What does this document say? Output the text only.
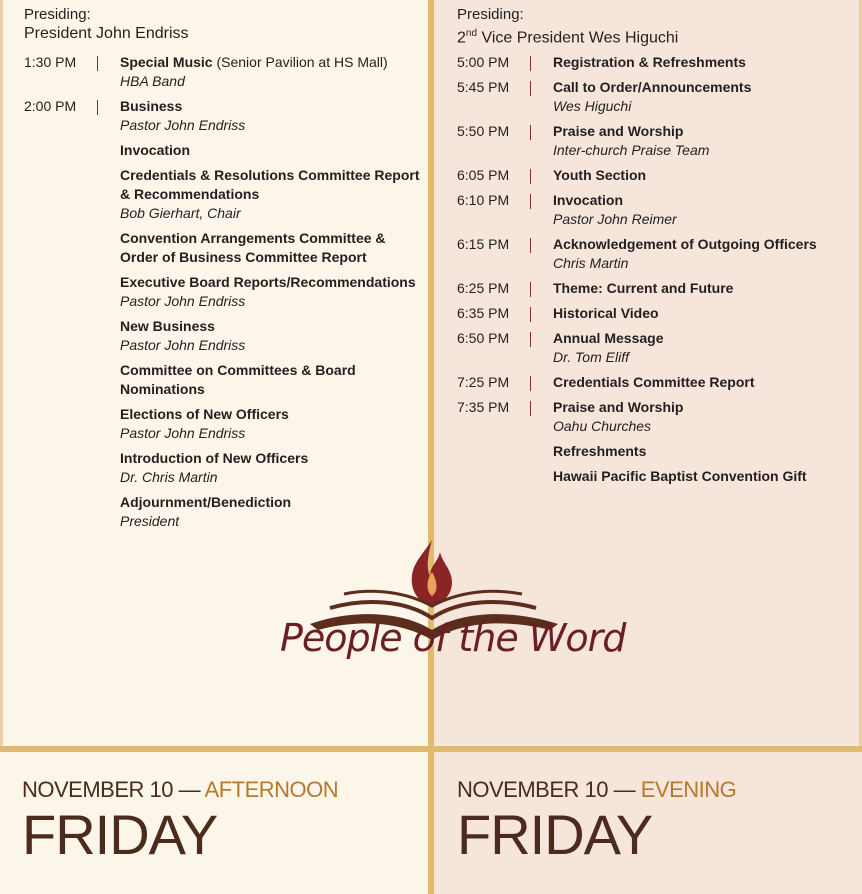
Presiding:
President John Endriss
1:30 PM	Special Music (Senior Pavilion at HS Mall)
HBA Band
2:00 PM	Business
Pastor John Endriss
Invocation
Credentials & Resolutions Committee Report & Recommendations
Bob Gierhart, Chair
Convention Arrangements Committee & Order of Business Committee Report
Executive Board Reports/Recommendations
Pastor John Endriss
New Business
Pastor John Endriss
Committee on Committees & Board Nominations
Elections of New Officers
Pastor John Endriss
Introduction of New Officers
Dr. Chris Martin
Adjournment/Benediction
President
Presiding:
2nd Vice President Wes Higuchi
5:00 PM	Registration & Refreshments
5:45 PM	Call to Order/Announcements
Wes Higuchi
5:50 PM	Praise and Worship
Inter-church Praise Team
6:05 PM	Youth Section
6:10 PM	Invocation
Pastor John Reimer
6:15 PM	Acknowledgement of Outgoing Officers
Chris Martin
6:25 PM	Theme: Current and Future
6:35 PM	Historical Video
6:50 PM	Annual Message
Dr. Tom Eliff
7:25 PM	Credentials Committee Report
7:35 PM	Praise and Worship
Oahu Churches
Refreshments
Hawaii Pacific Baptist Convention Gift
People of the Word
NOVEMBER 10 — AFTERNOON
FRIDAY
NOVEMBER 10 — EVENING
FRIDAY
